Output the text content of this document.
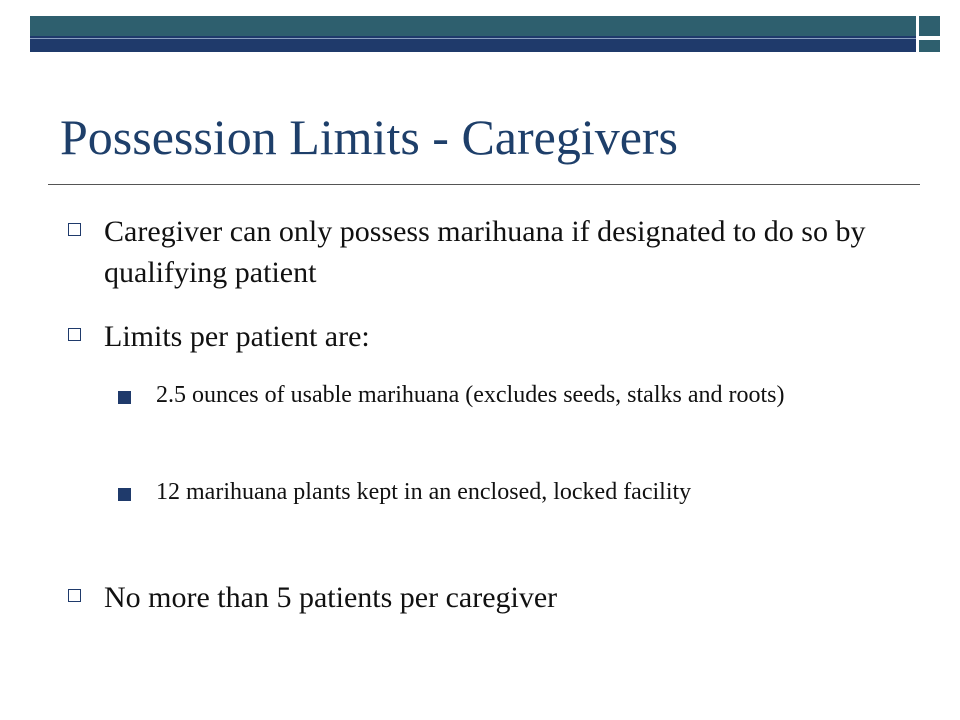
Possession Limits - Caregivers
Caregiver can only possess marihuana if designated to do so by qualifying patient
Limits per patient are:
2.5 ounces of usable marihuana (excludes seeds, stalks and roots)
12 marihuana plants kept in an enclosed, locked facility
No more than 5 patients per caregiver
